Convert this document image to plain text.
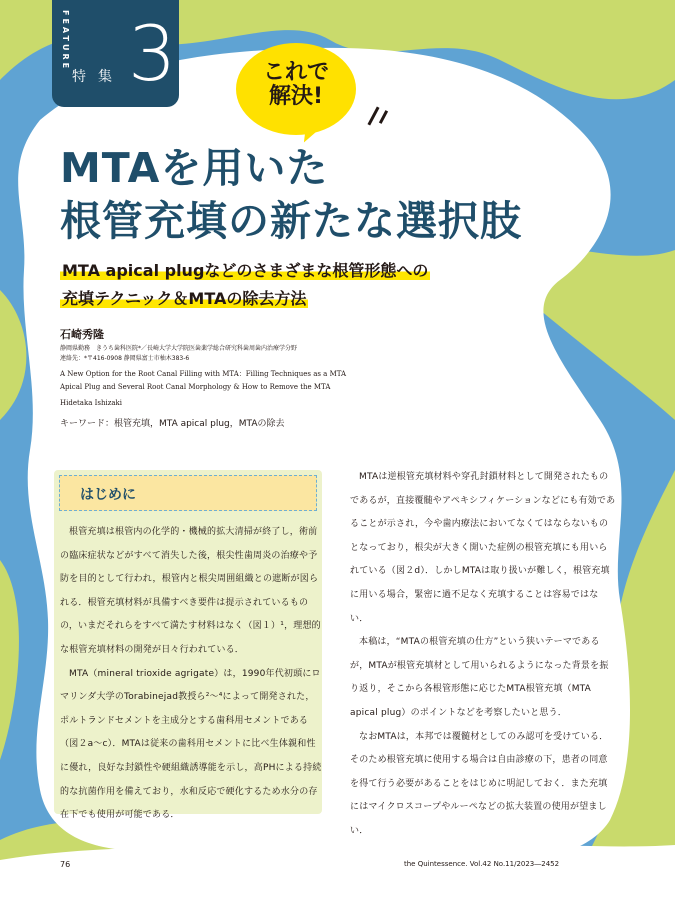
FEATURE
特集 3	これで
解決!
MTAを用いた
根管充填の新たな選択肢
MTA apical plugなどのさまざまな根管形態への
充填テクニック＆MTAの除去方法
石崎秀隆
静岡県勤務　きうち歯科医院*／長崎大学大学院医歯薬学総合研究科歯周歯内治療学分野
連絡先：*〒416-0908 静岡県富士市柚木383-6
A New Option for the Root Canal Filling with MTA：Filling Techniques as a MTA
Apical Plug and Several Root Canal Morphology & How to Remove the MTA
Hidetaka Ishizaki
キーワード：根管充填，MTA apical plug，MTAの除去
はじめに

根管充填は根管内の化学的・機械的拡大清掃が終了し，術前の臨床症状などがすべて消失した後，根尖性歯周炎の治療や予防を目的として行われ，根管内と根尖周囲組織との遮断が図られる．根管充填材料が具備すべき要件は提示されているものの，いまだそれらをすべて満たす材料はなく（図１）¹，理想的な根管充填材料の開発が日々行われている．

MTA（mineral trioxide agrigate）は，1990年代初頭にロマリンダ大学のTorabinejad教授ら²〜⁴によって開発された，ポルトランドセメントを主成分とする歯科用セメントである（図２a〜c）．MTAは従来の歯科用セメントに比べ生体親和性に優れ，良好な封鎖性や硬組織誘導能を示し，高PHによる持続的な抗菌作用を備えており，水和反応で硬化するため水分の存在下でも使用が可能である．

MTAは逆根管充填材料や穿孔封鎖材料として開発されたものであるが，直接覆髄やアペキシフィケーションなどにも有効であることが示され，今や歯内療法においてなくてはならないものとなっており，根尖が大きく開いた症例の根管充填にも用いられている（図２d）．しかしMTAは取り扱いが難しく，根管充填に用いる場合，緊密に過不足なく充填することは容易ではない．

本稿は，“MTAの根管充填の仕方”という狭いテーマであるが，MTAが根管充填材として用いられるようになった背景を振り返り，そこから各根管形態に応じたMTA根管充填（MTA apical plug）のポイントなどを考察したいと思う．

なおMTAは，本邦では覆髄材としてのみ認可を受けている．そのため根管充填に使用する場合は自由診療の下，患者の同意を得て行う必要があることをはじめに明記しておく．また充填にはマイクロスコープやルーペなどの拡大装置の使用が望ましい．

76	the Quintessence. Vol.42 No.11/2023―2452
